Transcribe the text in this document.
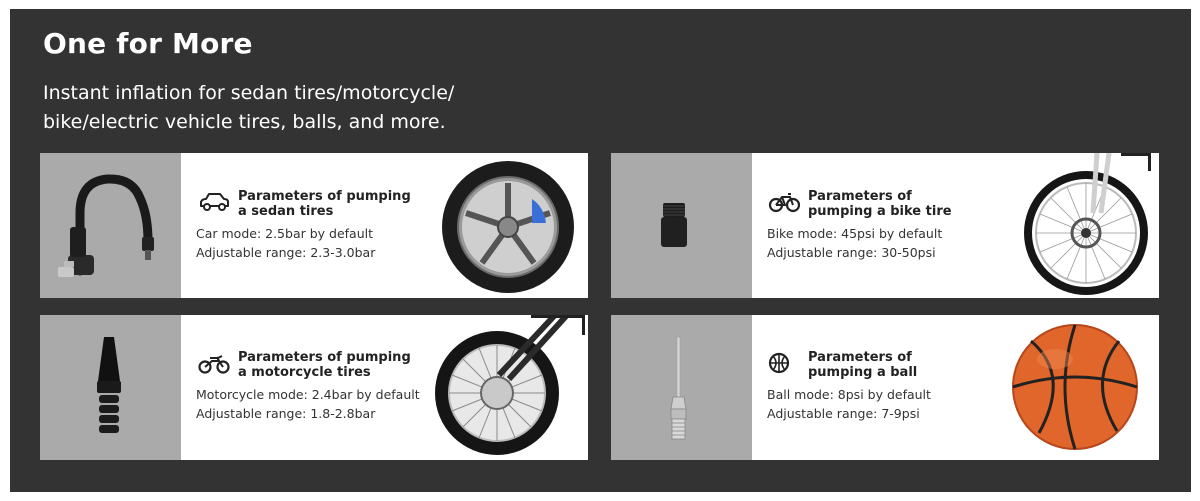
One for More
Instant inflation for sedan tires/motorcycle/
bike/electric vehicle tires, balls, and more.
Parameters of pumping
a sedan tires
Car mode: 2.5bar by default
Adjustable range: 2.3-3.0bar
Parameters of
pumping a bike tire
Bike mode: 45psi by default
Adjustable range: 30-50psi
Parameters of pumping
a motorcycle tires
Motorcycle mode: 2.4bar by default
Adjustable range: 1.8-2.8bar
Parameters of
pumping a ball
Ball mode: 8psi by default
Adjustable range: 7-9psi
